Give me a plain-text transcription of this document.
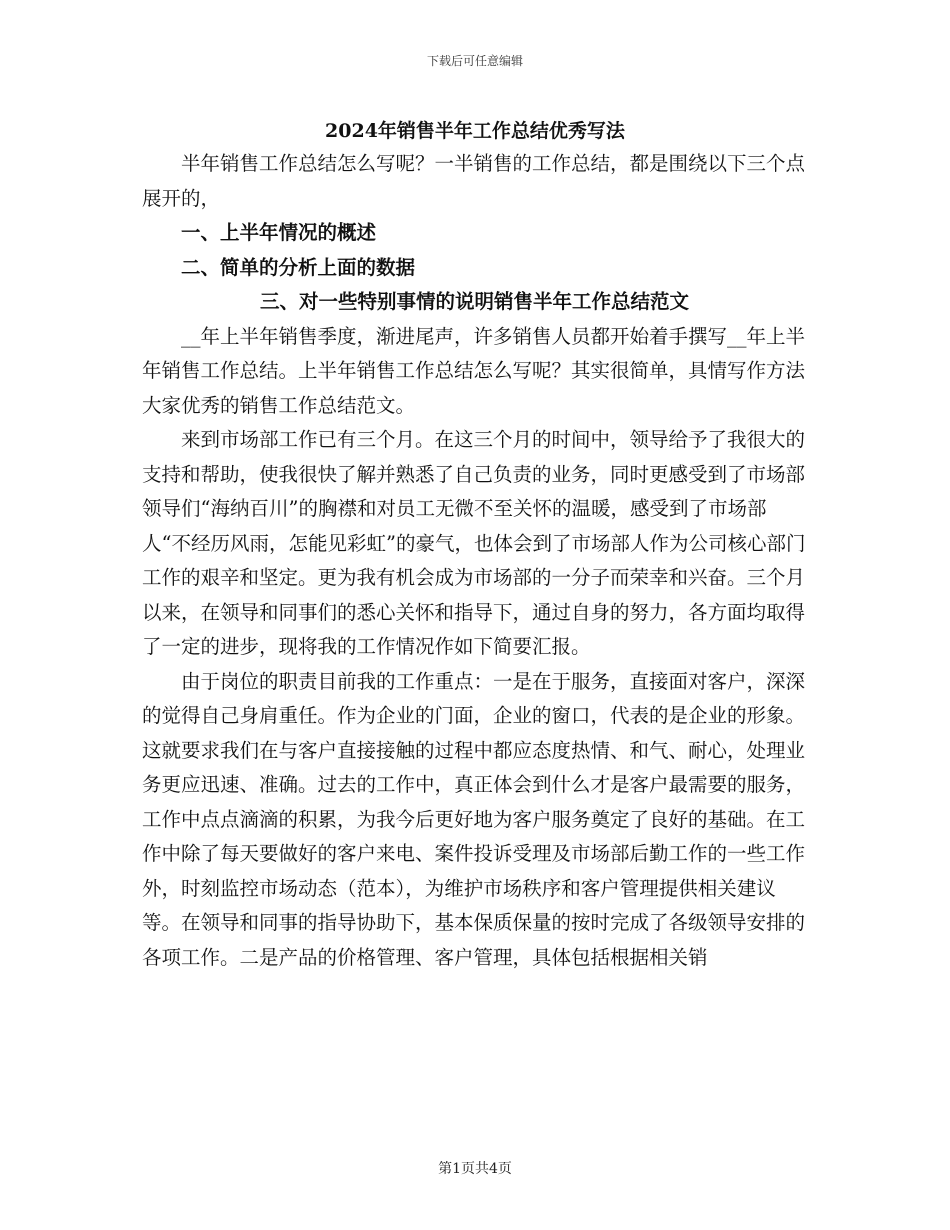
下载后可任意编辑
2024年销售半年工作总结优秀写法

半年销售工作总结怎么写呢？一半销售的工作总结，都是围绕以下三个点展开的，

一、上半年情况的概述

二、简单的分析上面的数据

三、对一些特别事情的说明销售半年工作总结范文

__年上半年销售季度，渐进尾声，许多销售人员都开始着手撰写__年上半年销售工作总结。上半年销售工作总结怎么写呢？其实很简单，具情写作方法大家优秀的销售工作总结范文。

来到市场部工作已有三个月。在这三个月的时间中，领导给予了我很大的支持和帮助，使我很快了解并熟悉了自己负责的业务，同时更感受到了市场部领导们“海纳百川”的胸襟和对员工无微不至关怀的温暖，感受到了市场部人“不经历风雨，怎能见彩虹”的豪气，也体会到了市场部人作为公司核心部门工作的艰辛和坚定。更为我有机会成为市场部的一分子而荣幸和兴奋。三个月以来，在领导和同事们的悉心关怀和指导下，通过自身的努力，各方面均取得了一定的进步，现将我的工作情况作如下简要汇报。

由于岗位的职责目前我的工作重点：一是在于服务，直接面对客户，深深的觉得自己身肩重任。作为企业的门面，企业的窗口，代表的是企业的形象。这就要求我们在与客户直接接触的过程中都应态度热情、和气、耐心，处理业务更应迅速、准确。过去的工作中，真正体会到什么才是客户最需要的服务，工作中点点滴滴的积累，为我今后更好地为客户服务奠定了良好的基础。在工作中除了每天要做好的客户来电、案件投诉受理及市场部后勤工作的一些工作外，时刻监控市场动态（范本），为维护市场秩序和客户管理提供相关建议等。在领导和同事的指导协助下，基本保质保量的按时完成了各级领导安排的各项工作。二是产品的价格管理、客户管理，具体包括根据相关销

第1页共4页
